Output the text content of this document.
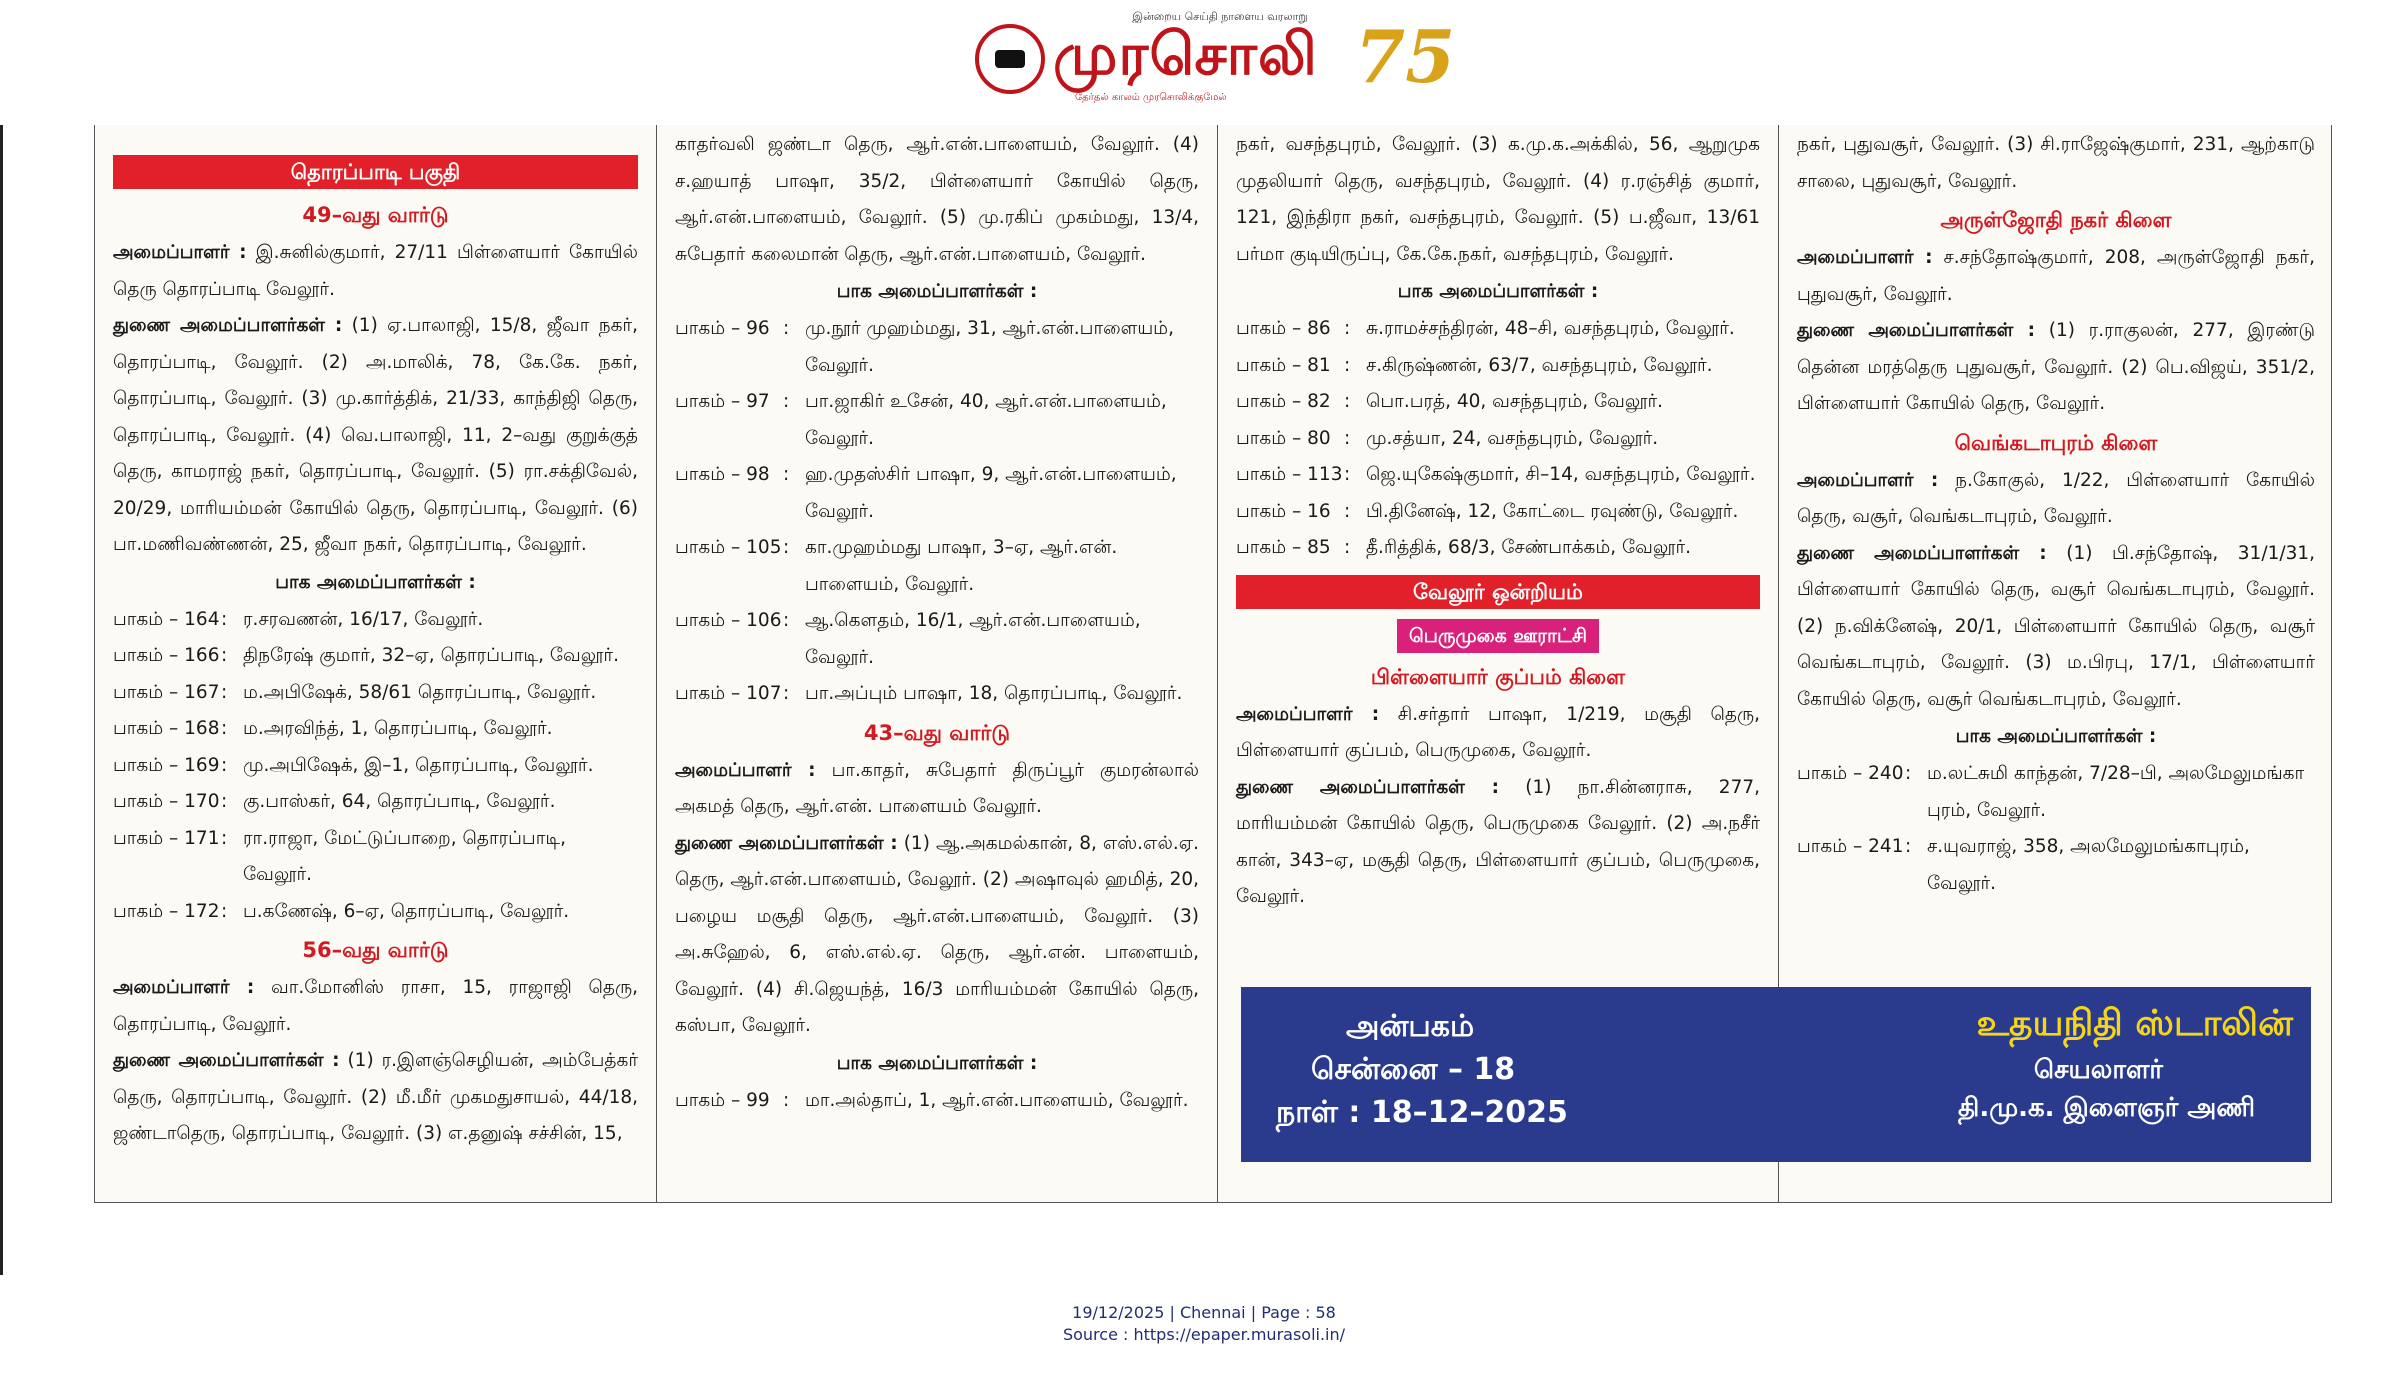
இன்றைய செய்தி நாளைய வரலாறு
முரசொலி
தேர்தல் காலம் முரசொலிக்குமேல் 75
தொரப்பாடி பகுதி
49–வது வார்டு

அமைப்பாளர் : இ.சுனில்குமார், 27/11 பிள்ளையார் கோயில் தெரு தொரப்பாடி வேலூர்.

துணை அமைப்பாளர்கள் : (1) ஏ.பாலாஜி, 15/8, ஜீவா நகர், தொரப்பாடி, வேலூர். (2) அ.மாலிக், 78, கே.கே. நகர், தொரப்பாடி, வேலூர். (3) மு.கார்த்திக், 21/33, காந்திஜி தெரு, தொரப்பாடி, வேலூர். (4) வெ.பாலாஜி, 11, 2–வது குறுக்குத் தெரு, காமராஜ் நகர், தொரப்பாடி, வேலூர். (5) ரா.சக்திவேல், 20/29, மாரியம்மன் கோயில் தெரு, தொரப்பாடி, வேலூர். (6) பா.மணிவண்ணன், 25, ஜீவா நகர், தொரப்பாடி, வேலூர்.

பாக அமைப்பாளர்கள் :
பாகம் – 164 : ர.சரவணன், 16/17, வேலூர்.
பாகம் – 166 : திநரேஷ் குமார், 32–ஏ, தொரப்பாடி, வேலூர்.
பாகம் – 167 : ம.அபிஷேக், 58/61 தொரப்பாடி, வேலூர்.
பாகம் – 168 : ம.அரவிந்த், 1, தொரப்பாடி, வேலூர்.
பாகம் – 169 : மு.அபிஷேக், இ–1, தொரப்பாடி, வேலூர்.
பாகம் – 170 : கு.பாஸ்கர், 64, தொரப்பாடி, வேலூர்.
பாகம் – 171 : ரா.ராஜா, மேட்டுப்பாறை, தொரப்பாடி, வேலூர்.
பாகம் – 172 : ப.கணேஷ், 6–ஏ, தொரப்பாடி, வேலூர்.
56–வது வார்டு

அமைப்பாளர் : வா.மோனிஸ் ராசா, 15, ராஜாஜி தெரு, தொரப்பாடி, வேலூர்.

துணை அமைப்பாளர்கள் : (1) ர.இளஞ்செழியன், அம்பேத்கர் தெரு, தொரப்பாடி, வேலூர். (2) மீ.மீர் முகமதுசாயல், 44/18, ஜண்டாதெரு, தொரப்பாடி, வேலூர். (3) எ.தனுஷ் சச்சின், 15,

காதர்வலி ஜண்டா தெரு, ஆர்.என்.பாளையம், வேலூர். (4) ச.ஹயாத் பாஷா, 35/2, பிள்ளையார் கோயில் தெரு, ஆர்.என்.பாளையம், வேலூர். (5) மு.ரகிப் முகம்மது, 13/4, சுபேதார் கலைமான் தெரு, ஆர்.என்.பாளையம், வேலூர்.

பாக அமைப்பாளர்கள் :
பாகம் – 96 : மு.நூர் முஹம்மது, 31, ஆர்.என்.பாளையம், வேலூர்.
பாகம் – 97 : பா.ஜாகிர் உசேன், 40, ஆர்.என்.பாளையம், வேலூர்.
பாகம் – 98 : ஹ.முதஸ்சிர் பாஷா, 9, ஆர்.என்.பாளையம், வேலூர்.
பாகம் – 105 : கா.முஹம்மது பாஷா, 3–ஏ, ஆர்.என். பாளையம், வேலூர்.
பாகம் – 106 : ஆ.கௌதம், 16/1, ஆர்.என்.பாளையம், வேலூர்.
பாகம் – 107 : பா.அப்பும் பாஷா, 18, தொரப்பாடி, வேலூர்.
43–வது வார்டு

அமைப்பாளர் : பா.காதர், சுபேதார் திருப்பூர் குமரன்லால் அகமத் தெரு, ஆர்.என். பாளையம் வேலூர்.

துணை அமைப்பாளர்கள் : (1) ஆ.அகமல்கான், 8, எஸ்.எல்.ஏ. தெரு, ஆர்.என்.பாளையம், வேலூர். (2) அஷாவுல் ஹமித், 20, பழைய மசூதி தெரு, ஆர்.என்.பாளையம், வேலூர். (3) அ.சுஹேல், 6, எஸ்.எல்.ஏ. தெரு, ஆர்.என். பாளையம், வேலூர். (4) சி.ஜெயந்த், 16/3 மாரியம்மன் கோயில் தெரு, கஸ்பா, வேலூர்.

பாக அமைப்பாளர்கள் :
பாகம் – 99 : மா.அல்தாப், 1, ஆர்.என்.பாளையம், வேலூர்.

நகர், வசந்தபுரம், வேலூர். (3) க.மு.க.அக்கில், 56, ஆறுமுக முதலியார் தெரு, வசந்தபுரம், வேலூர். (4) ர.ரஞ்சித் குமார், 121, இந்திரா நகர், வசந்தபுரம், வேலூர். (5) ப.ஜீவா, 13/61 பர்மா குடியிருப்பு, கே.கே.நகர், வசந்தபுரம், வேலூர்.

பாக அமைப்பாளர்கள் :
பாகம் – 86 : சு.ராமச்சந்திரன், 48–சி, வசந்தபுரம், வேலூர்.
பாகம் – 81 : ச.கிருஷ்ணன், 63/7, வசந்தபுரம், வேலூர்.
பாகம் – 82 : பொ.பரத், 40, வசந்தபுரம், வேலூர்.
பாகம் – 80 : மு.சத்யா, 24, வசந்தபுரம், வேலூர்.
பாகம் – 113 : ஜெ.யுகேஷ்குமார், சி–14, வசந்தபுரம், வேலூர்.
பாகம் – 16 : பி.தினேஷ், 12, கோட்டை ரவுண்டு, வேலூர்.
பாகம் – 85 : தீ.ரித்திக், 68/3, சேண்பாக்கம், வேலூர்.
வேலூர் ஒன்றியம்
பெருமுகை ஊராட்சி
பிள்ளையார் குப்பம் கிளை

அமைப்பாளர் : சி.சர்தார் பாஷா, 1/219, மசூதி தெரு, பிள்ளையார் குப்பம், பெருமுகை, வேலூர்.

துணை அமைப்பாளர்கள் : (1) நா.சின்னராசு, 277, மாரியம்மன் கோயில் தெரு, பெருமுகை வேலூர். (2) அ.நசீர் கான், 343–ஏ, மசூதி தெரு, பிள்ளையார் குப்பம், பெருமுகை, வேலூர்.

நகர், புதுவசூர், வேலூர். (3) சி.ராஜேஷ்குமார், 231, ஆற்காடு சாலை, புதுவசூர், வேலூர்.

அருள்ஜோதி நகர் கிளை

அமைப்பாளர் : ச.சந்தோஷ்குமார், 208, அருள்ஜோதி நகர், புதுவசூர், வேலூர்.

துணை அமைப்பாளர்கள் : (1) ர.ராகுலன், 277, இரண்டு தென்ன மரத்தெரு புதுவசூர், வேலூர். (2) பெ.விஜய், 351/2, பிள்ளையார் கோயில் தெரு, வேலூர்.

வெங்கடாபுரம் கிளை

அமைப்பாளர் : ந.கோகுல், 1/22, பிள்ளையார் கோயில் தெரு, வசூர், வெங்கடாபுரம், வேலூர்.

துணை அமைப்பாளர்கள் : (1) பி.சந்தோஷ், 31/1/31, பிள்ளையார் கோயில் தெரு, வசூர் வெங்கடாபுரம், வேலூர். (2) ந.விக்னேஷ், 20/1, பிள்ளையார் கோயில் தெரு, வசூர் வெங்கடாபுரம், வேலூர். (3) ம.பிரபு, 17/1, பிள்ளையார் கோயில் தெரு, வசூர் வெங்கடாபுரம், வேலூர்.

பாக அமைப்பாளர்கள் :
பாகம் – 240 : ம.லட்சுமி காந்தன், 7/28–பி, அலமேலுமங்கா புரம், வேலூர்.
பாகம் – 241 : ச.யுவராஜ், 358, அலமேலுமங்காபுரம், வேலூர்.
அன்பகம்
சென்னை – 18
நாள் : 18–12–2025
உதயநிதி ஸ்டாலின்
செயலாளர்
தி.மு.க. இளைஞர் அணி
19/12/2025 | Chennai | Page : 58
Source : https://epaper.murasoli.in/
